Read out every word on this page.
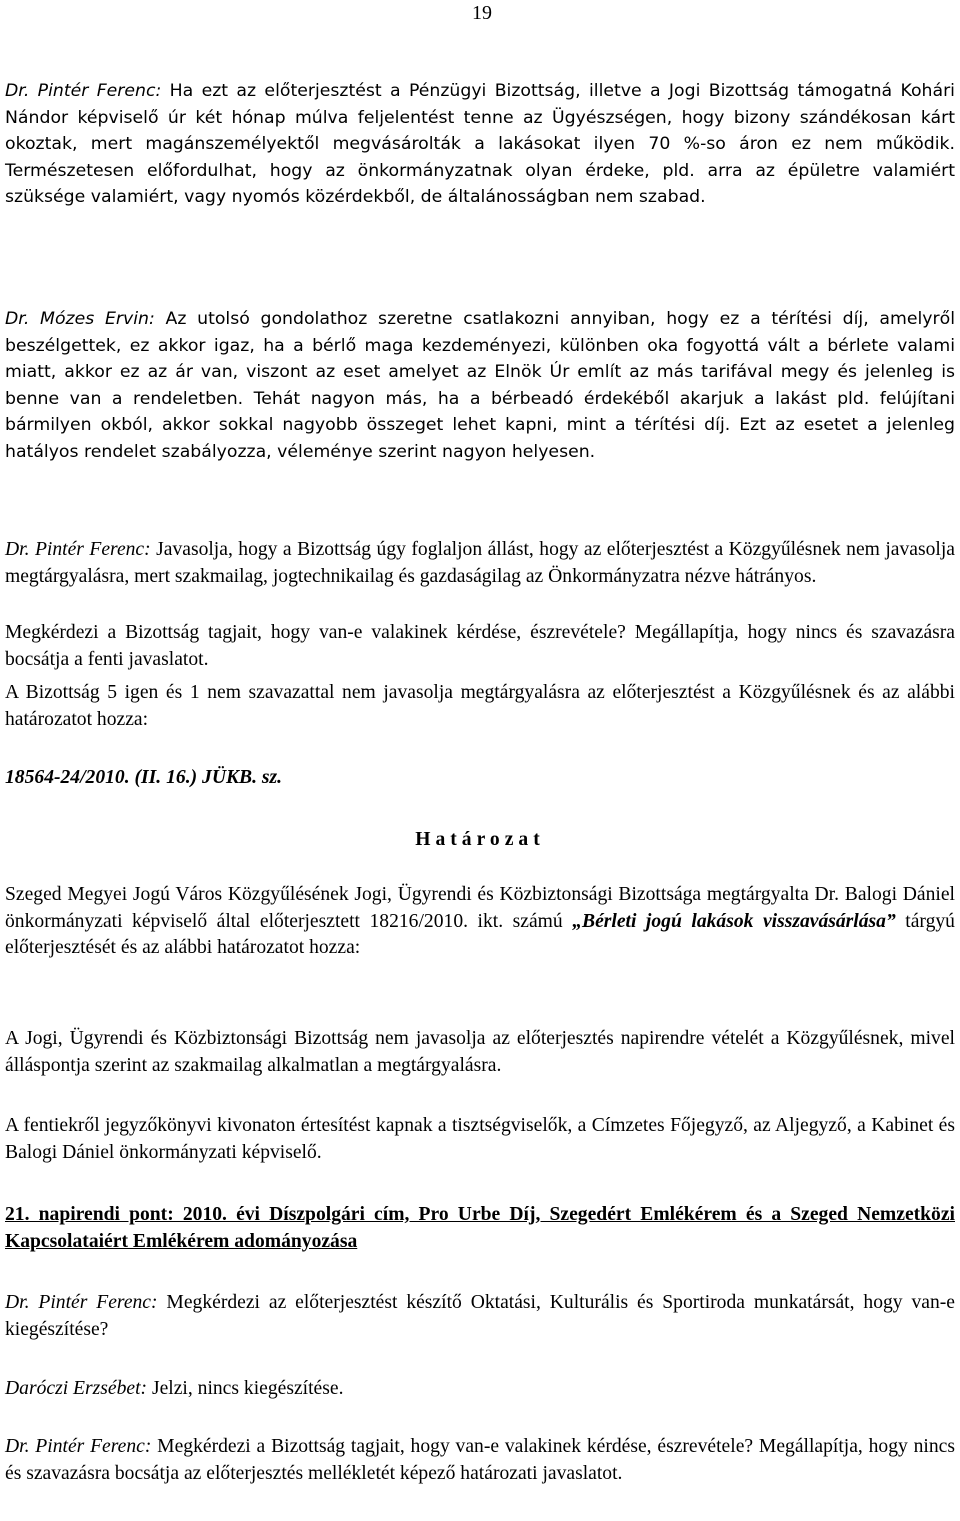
19

Dr. Pintér Ferenc: Ha ezt az előterjesztést a Pénzügyi Bizottság, illetve a Jogi Bizottság támogatná Kohári Nándor képviselő úr két hónap múlva feljelentést tenne az Ügyészségen, hogy bizony szándékosan kárt okoztak, mert magánszemélyektől megvásárolták a lakásokat ilyen 70 %-so áron ez nem működik. Természetesen előfordulhat, hogy az önkormányzatnak olyan érdeke, pld. arra az épületre valamiért szüksége valamiért, vagy nyomós közérdekből, de általánosságban nem szabad.

Dr. Mózes Ervin: Az utolsó gondolathoz szeretne csatlakozni annyiban, hogy ez a térítési díj, amelyről beszélgettek, ez akkor igaz, ha a bérlő maga kezdeményezi, különben oka fogyottá vált a bérlete valami miatt, akkor ez az ár van, viszont az eset amelyet az Elnök Úr említ az más tarifával megy és jelenleg is benne van a rendeletben. Tehát nagyon más, ha a bérbeadó érdekéből akarjuk a lakást pld. felújítani bármilyen okból, akkor sokkal nagyobb összeget lehet kapni, mint a térítési díj. Ezt az esetet a jelenleg hatályos rendelet szabályozza, véleménye szerint nagyon helyesen.

Dr. Pintér Ferenc: Javasolja, hogy a Bizottság úgy foglaljon állást, hogy az előterjesztést a Közgyűlésnek nem javasolja megtárgyalásra, mert szakmailag, jogtechnikailag és gazdaságilag az Önkormányzatra nézve hátrányos.

Megkérdezi a Bizottság tagjait, hogy van-e valakinek kérdése, észrevétele? Megállapítja, hogy nincs és szavazásra bocsátja a fenti javaslatot.

A Bizottság 5 igen és 1 nem szavazattal nem javasolja megtárgyalásra az előterjesztést a Közgyűlésnek és az alábbi határozatot hozza:

18564-24/2010. (II. 16.) JÜKB. sz.

Határozat

Szeged Megyei Jogú Város Közgyűlésének Jogi, Ügyrendi és Közbiztonsági Bizottsága megtárgyalta Dr. Balogi Dániel önkormányzati képviselő által előterjesztett 18216/2010. ikt. számú „Bérleti jogú lakások visszavásárlása” tárgyú előterjesztését és az alábbi határozatot hozza:

A Jogi, Ügyrendi és Közbiztonsági Bizottság nem javasolja az előterjesztés napirendre vételét a Közgyűlésnek, mivel álláspontja szerint az szakmailag alkalmatlan a megtárgyalásra.

A fentiekről jegyzőkönyvi kivonaton értesítést kapnak a tisztségviselők, a Címzetes Főjegyző, az Aljegyző, a Kabinet és Balogi Dániel önkormányzati képviselő.

21. napirendi pont: 2010. évi Díszpolgári cím, Pro Urbe Díj, Szegedért Emlékérem és a Szeged Nemzetközi Kapcsolataiért Emlékérem adományozása

Dr. Pintér Ferenc: Megkérdezi az előterjesztést készítő Oktatási, Kulturális és Sportiroda munkatársát, hogy van-e kiegészítése?

Daróczi Erzsébet: Jelzi, nincs kiegészítése.

Dr. Pintér Ferenc: Megkérdezi a Bizottság tagjait, hogy van-e valakinek kérdése, észrevétele? Megállapítja, hogy nincs és szavazásra bocsátja az előterjesztés mellékletét képező határozati javaslatot.
